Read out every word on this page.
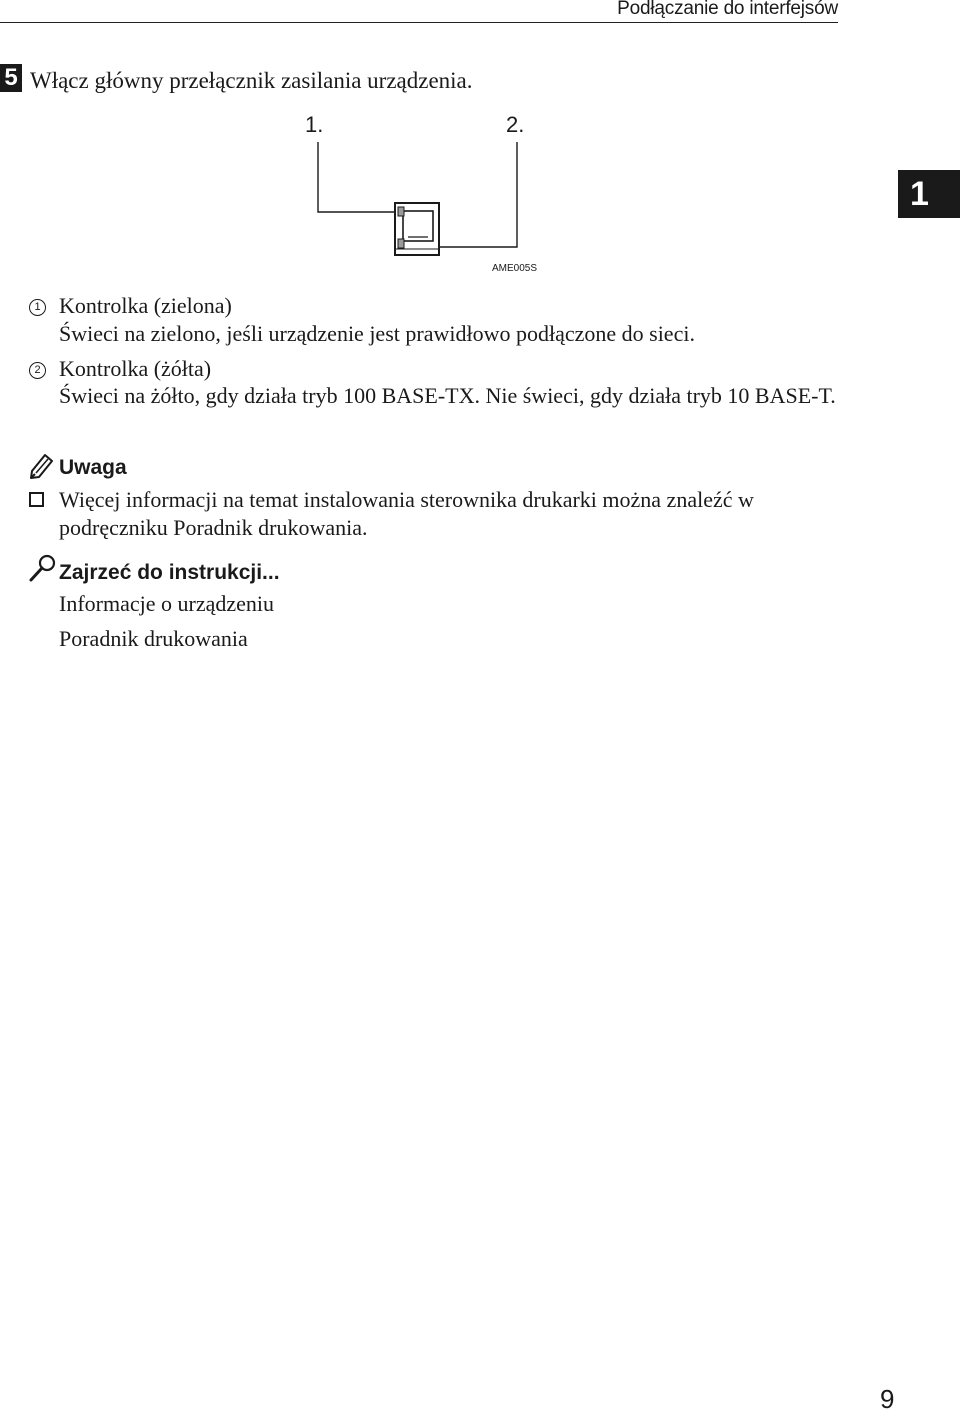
Podłączanie do interfejsów
5 Włącz główny przełącznik zasilania urządzenia.
1.	2.
AME005S
1
1 Kontrolka (zielona)
Świeci na zielono, jeśli urządzenie jest prawidłowo podłączone do sieci.
2 Kontrolka (żółta)
Świeci na żółto, gdy działa tryb 100 BASE-TX. Nie świeci, gdy działa tryb 10 BASE-T.
Uwaga
Więcej informacji na temat instalowania sterownika drukarki można znaleźć w podręczniku Poradnik drukowania.
Zajrzeć do instrukcji...
Informacje o urządzeniu
Poradnik drukowania
9
